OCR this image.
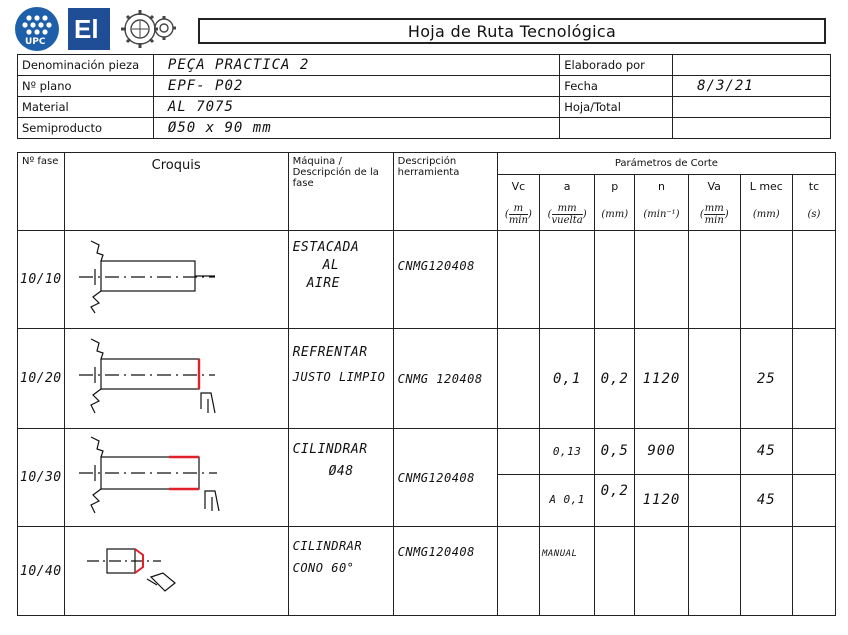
UPC El	Hoja de Ruta Tecnológica
Denominación pieza	PEÇA PRACTICA 2	Elaborado por	
Nº plano	EPF- P02	Fecha	8/3/21
Material	AL 7075	Hoja/Total	
Semiproducto	Ø50 x 90 mm		
Nº fase	Croquis	Máquina / Descripción de la fase	Descripción herramienta	Parámetros de Corte						
				Vc	a	p	n	Va	L mec	tc
				( $\frac{m}{\min}$ )	( $\frac{mm}{\text{vuelta}}$ )	(mm)	(min⁻¹)	( $\frac{mm}{\min}$ )	(mm)	(s)
10/10		ESTACADA
AL
AIRE	CNMG120408							
10/20		REFRENTAR
JUSTO LIMPIO	CNMG 120408		0,1	0,2	1120		25	
10/30		CILINDRAR
Ø48	CNMG120408		0,13	0,5	900		45	
					A 0,1	0,2	1120		45	
10/40		CILINDRAR
CONO 60°	CNMG120408		MANUAL					
